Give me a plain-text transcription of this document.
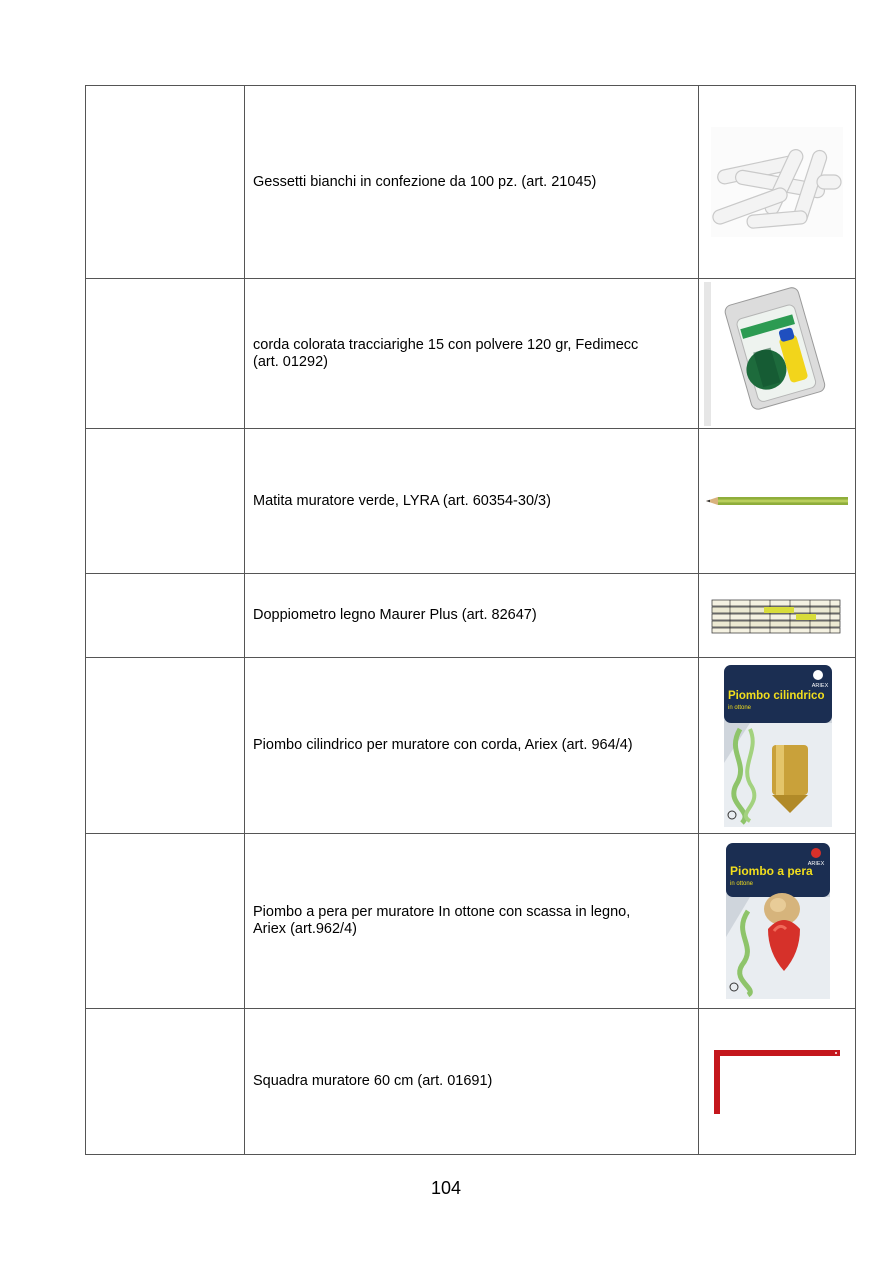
	Gessetti bianchi in confezione da 100 pz. (art. 21045)	

	corda colorata tracciarighe 15 con polvere 120 gr, Fedimecc (art. 01292)	

	Matita muratore verde, LYRA (art. 60354-30/3)	

	Doppiometro legno Maurer Plus (art. 82647)	

	Piombo cilindrico per muratore con corda, Ariex (art. 964/4)	ARIEX
Piombo cilindrico
in ottone

	Piombo a pera per muratore In ottone con scassa in legno, Ariex (art.962/4)	ARIEX
Piombo a pera
in ottone

	Squadra muratore 60 cm (art. 01691)	
104
